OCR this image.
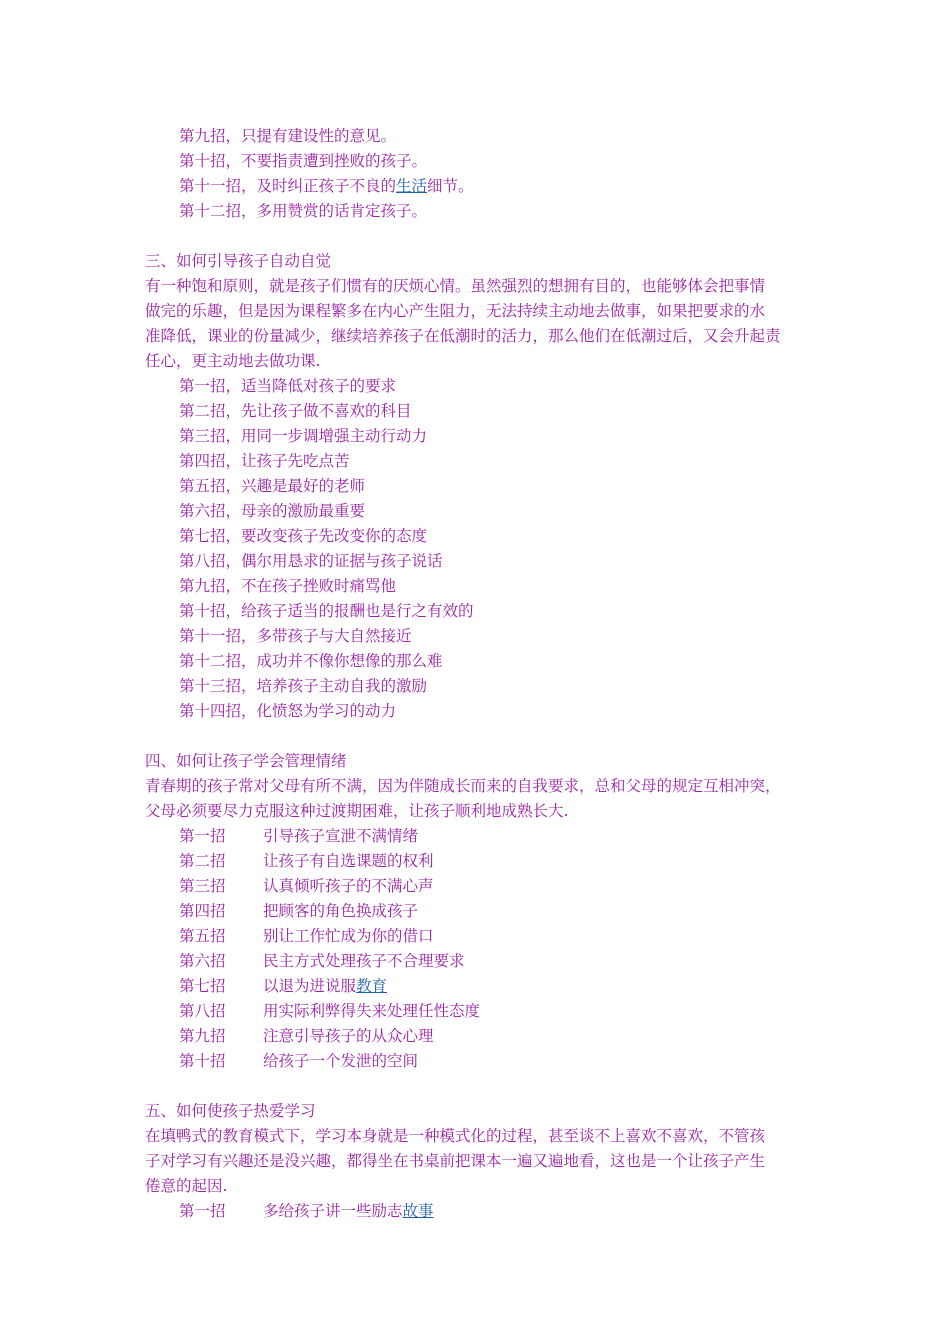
第九招，只提有建设性的意见。
第十招，不要指责遭到挫败的孩子。
第十一招，及时纠正孩子不良的生活细节。
第十二招，多用赞赏的话肯定孩子。
三、如何引导孩子自动自觉
有一种饱和原则，就是孩子们惯有的厌烦心情。虽然强烈的想拥有目的，也能够体会把事情
做完的乐趣，但是因为课程繁多在内心产生阻力，无法持续主动地去做事，如果把要求的水
准降低，课业的份量减少，继续培养孩子在低潮时的活力，那么他们在低潮过后，又会升起责
任心，更主动地去做功课.
第一招，适当降低对孩子的要求
第二招，先让孩子做不喜欢的科目
第三招，用同一步调增强主动行动力
第四招，让孩子先吃点苦
第五招，兴趣是最好的老师
第六招，母亲的激励最重要
第七招，要改变孩子先改变你的态度
第八招，偶尔用恳求的证据与孩子说话
第九招，不在孩子挫败时痛骂他
第十招，给孩子适当的报酬也是行之有效的
第十一招，多带孩子与大自然接近
第十二招，成功并不像你想像的那么难
第十三招，培养孩子主动自我的激励
第十四招，化愤怒为学习的动力
四、如何让孩子学会管理情绪
青春期的孩子常对父母有所不满，因为伴随成长而来的自我要求，总和父母的规定互相冲突，
父母必须要尽力克服这种过渡期困难，让孩子顺利地成熟长大.
第一招 引导孩子宣泄不满情绪
第二招 让孩子有自选课题的权利
第三招 认真倾听孩子的不满心声
第四招 把顾客的角色换成孩子
第五招 别让工作忙成为你的借口
第六招 民主方式处理孩子不合理要求
第七招 以退为进说服教育
第八招 用实际利弊得失来处理任性态度
第九招 注意引导孩子的从众心理
第十招 给孩子一个发泄的空间
五、如何使孩子热爱学习
在填鸭式的教育模式下，学习本身就是一种模式化的过程，甚至谈不上喜欢不喜欢，不管孩
子对学习有兴趣还是没兴趣，都得坐在书桌前把课本一遍又遍地看，这也是一个让孩子产生
倦意的起因.
第一招 多给孩子讲一些励志故事
